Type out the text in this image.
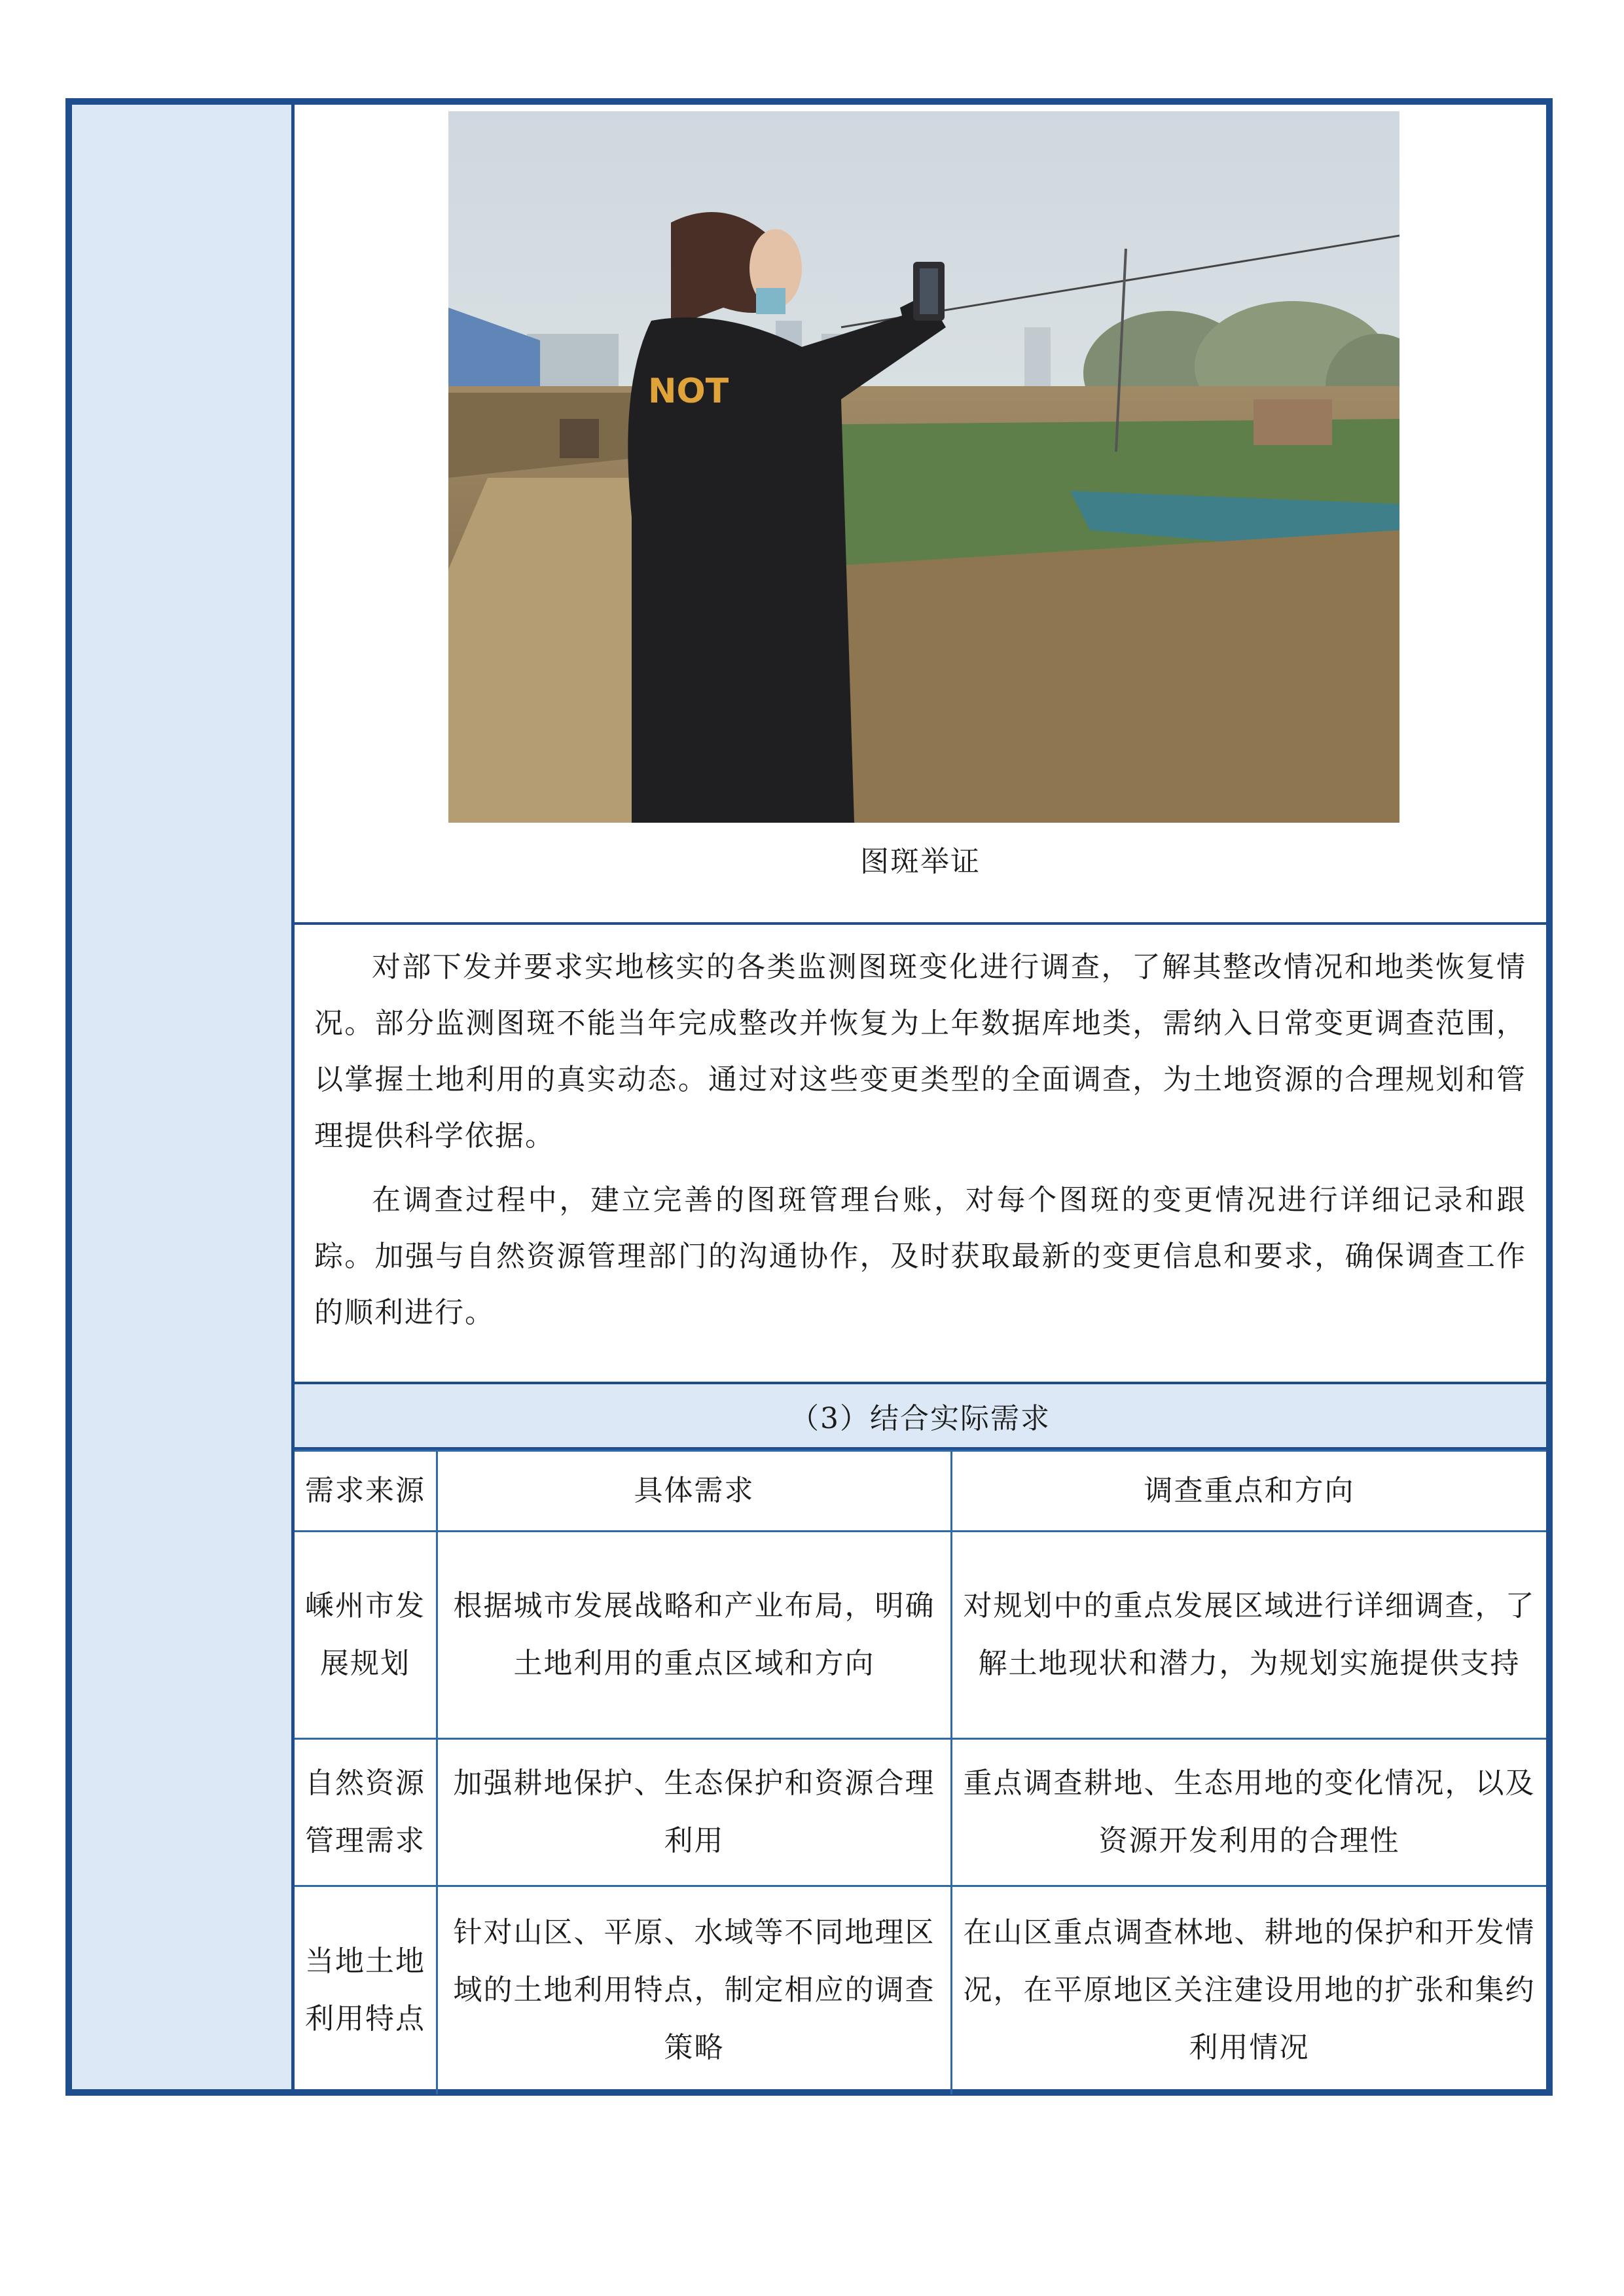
NOT
图斑举证

对部下发并要求实地核实的各类监测图斑变化进行调查，了解其整改情况和地类恢复情况。部分监测图斑不能当年完成整改并恢复为上年数据库地类，需纳入日常变更调查范围，以掌握土地利用的真实动态。通过对这些变更类型的全面调查，为土地资源的合理规划和管理提供科学依据。

在调查过程中，建立完善的图斑管理台账，对每个图斑的变更情况进行详细记录和跟踪。加强与自然资源管理部门的沟通协作，及时获取最新的变更信息和要求，确保调查工作的顺利进行。

（3）结合实际需求
需求来源	具体需求	调查重点和方向
嵊州市发展规划	根据城市发展战略和产业布局，明确土地利用的重点区域和方向	对规划中的重点发展区域进行详细调查，了解土地现状和潜力，为规划实施提供支持
自然资源管理需求	加强耕地保护、生态保护和资源合理利用	重点调查耕地、生态用地的变化情况，以及资源开发利用的合理性
当地土地利用特点	针对山区、平原、水域等不同地理区域的土地利用特点，制定相应的调查策略	在山区重点调查林地、耕地的保护和开发情况，在平原地区关注建设用地的扩张和集约利用情况
